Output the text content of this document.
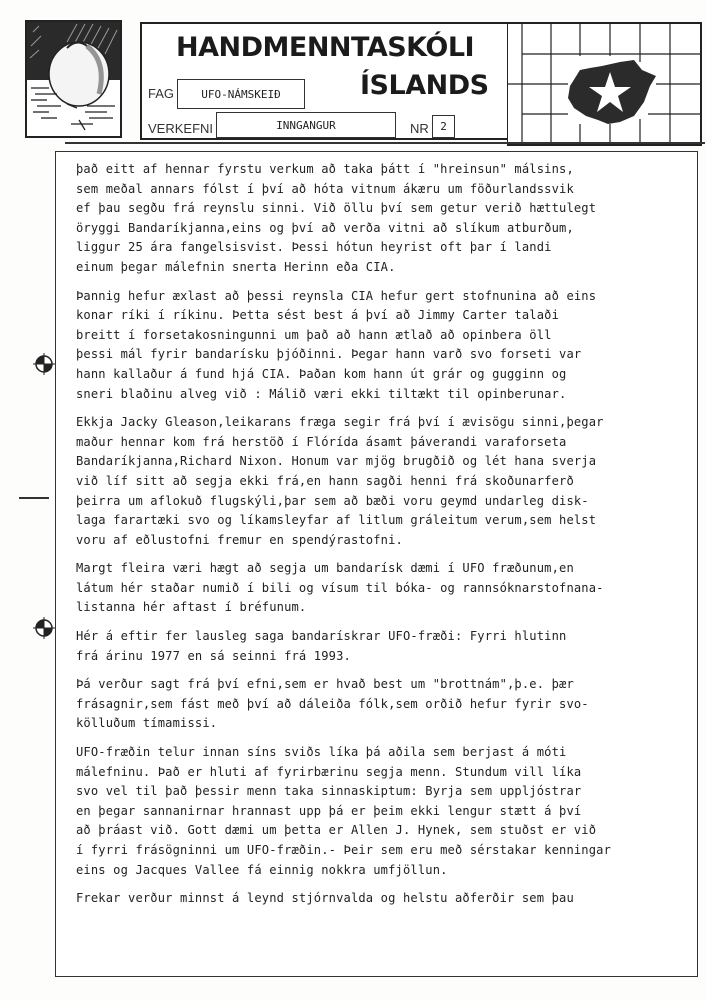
HANDMENNTASKÓLI
ÍSLANDS
FAG UFO-NÁMSKEIÐ
VERKEFNI	INNGANGUR	NR 2

það eitt af hennar fyrstu verkum að taka þátt í "hreinsun" málsins,
sem meðal annars fólst í því að hóta vitnum ákæru um föðurlandssvik
ef þau segðu frá reynslu sinni. Við öllu því sem getur verið hættulegt
öryggi Bandaríkjanna,eins og því að verða vitni að slíkum atburðum,
liggur 25 ára fangelsisvist. Þessi hótun heyrist oft þar í landi
einum þegar málefnin snerta Herinn eða CIA.

Þannig hefur æxlast að þessi reynsla CIA hefur gert stofnunina að eins
konar ríki í ríkinu. Þetta sést best á því að Jimmy Carter talaði
breitt í forsetakosningunni um það að hann ætlað að opinbera öll
þessi mál fyrir bandarísku þjóðinni. Þegar hann varð svo forseti var
hann kallaður á fund hjá CIA. Þaðan kom hann út grár og gugginn og
sneri blaðinu alveg við : Málið væri ekki tiltækt til opinberunar.

Ekkja Jacky Gleason,leikarans fræga segir frá því í ævisögu sinni,þegar
maður hennar kom frá herstöð í Flórída ásamt þáverandi varaforseta
Bandaríkjanna,Richard Nixon. Honum var mjög brugðið og lét hana sverja
við líf sitt að segja ekki frá,en hann sagði henni frá skoðunarferð
þeirra um aflokuð flugskýli,þar sem að bæði voru geymd undarleg disk-
laga farartæki svo og líkamsleyfar af litlum gráleitum verum,sem helst
voru af eðlustofni fremur en spendýrastofni.

Margt fleira væri hægt að segja um bandarísk dæmi í UFO fræðunum,en
látum hér staðar numið í bili og vísum til bóka- og rannsóknarstofnana-
listanna hér aftast í bréfunum.

Hér á eftir fer lausleg saga bandarískrar UFO-fræði: Fyrri hlutinn
frá árinu 1977 en sá seinni frá 1993.

Þá verður sagt frá því efni,sem er hvað best um "brottnám",þ.e. þær
frásagnir,sem fást með því að dáleiða fólk,sem orðið hefur fyrir svo-
kölluðum tímamissi.

UFO-fræðin telur innan síns sviðs líka þá aðila sem berjast á móti
málefninu. Það er hluti af fyrirbærinu segja menn. Stundum vill líka
svo vel til það þessir menn taka sinnaskiptum: Byrja sem uppljóstrar
en þegar sannanirnar hrannast upp þá er þeim ekki lengur stætt á því
að þráast við. Gott dæmi um þetta er Allen J. Hynek, sem stuðst er við
í fyrri frásögninni um UFO-fræðin.- Þeir sem eru með sérstakar kenningar
eins og Jacques Vallee fá einnig nokkra umfjöllun.

Frekar verður minnst á leynd stjórnvalda og helstu aðferðir sem þau
